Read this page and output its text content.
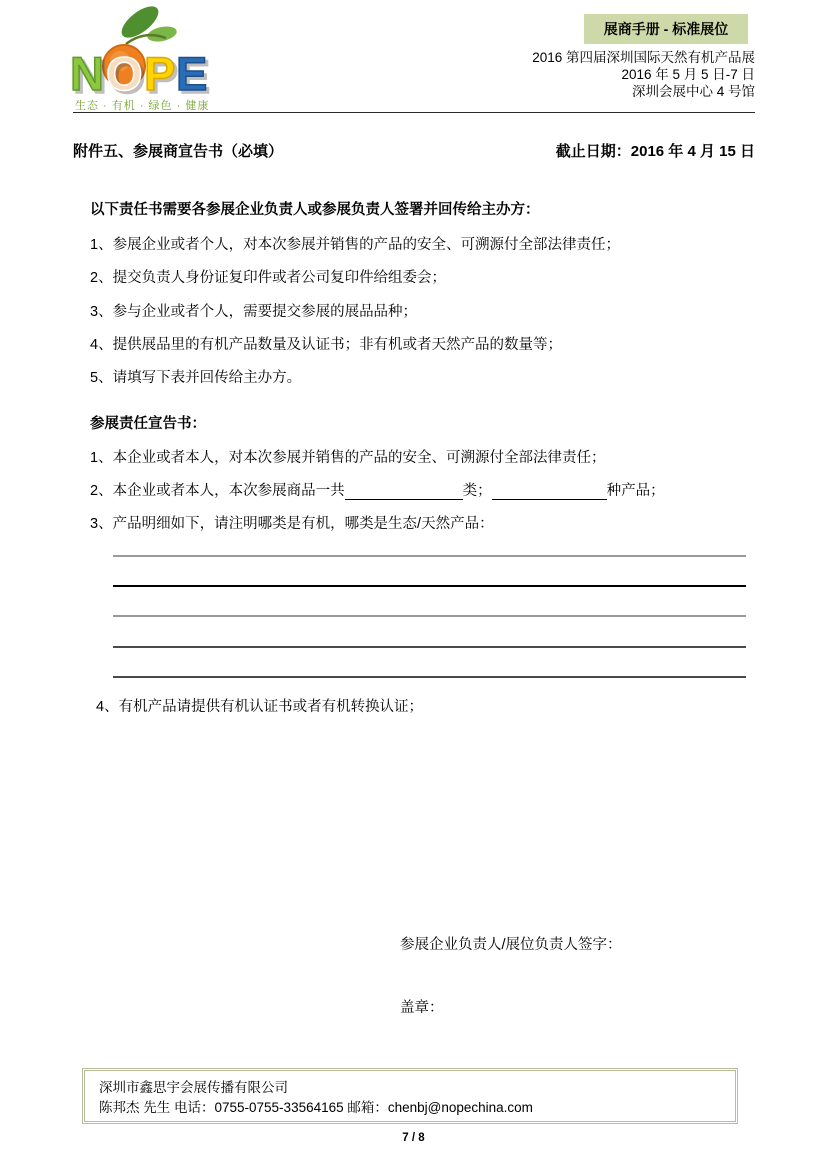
N O P E
生态 · 有机 · 绿色 · 健康
展商手册 - 标准展位
2016 第四届深圳国际天然有机产品展
2016 年 5 月 5 日-7 日
深圳会展中心 4 号馆
附件五、参展商宣告书（必填）	截止日期：2016 年 4 月 15 日
以下责任书需要各参展企业负责人或参展负责人签署并回传给主办方：
1、参展企业或者个人，对本次参展并销售的产品的安全、可溯源付全部法律责任；
2、提交负责人身份证复印件或者公司复印件给组委会；
3、参与企业或者个人，需要提交参展的展品品种；
4、提供展品里的有机产品数量及认证书；非有机或者天然产品的数量等；
5、请填写下表并回传给主办方。
参展责任宣告书：
1、本企业或者本人，对本次参展并销售的产品的安全、可溯源付全部法律责任；
2、本企业或者本人，本次参展商品一共	类；	种产品；
3、产品明细如下，请注明哪类是有机，哪类是生态/天然产品：
4、有机产品请提供有机认证书或者有机转换认证；
参展企业负责人/展位负责人签字：
盖章：
深圳市鑫思宇会展传播有限公司
陈邦杰 先生 电话：0755-0755-33564165 邮箱：chenbj@nopechina.com
7 / 8
